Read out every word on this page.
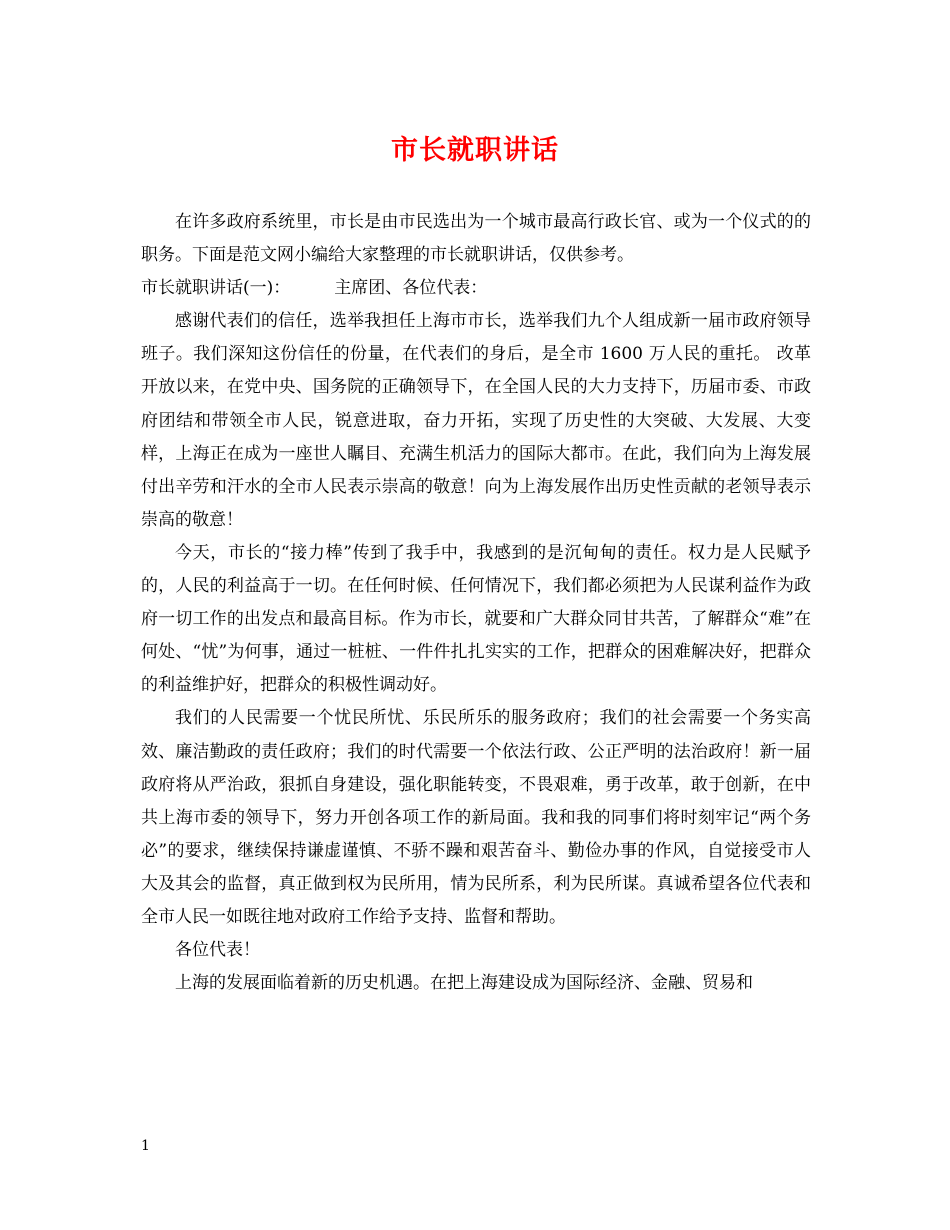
市长就职讲话

在许多政府系统里，市长是由市民选出为一个城市最高行政长官、或为一个仪式的的职务。下面是范文网小编给大家整理的市长就职讲话，仅供参考。

市长就职讲话(一)：	主席团、各位代表：

感谢代表们的信任，选举我担任上海市市长，选举我们九个人组成新一届市政府领导班子。我们深知这份信任的份量，在代表们的身后，是全市 1600 万人民的重托。 改革开放以来，在党中央、国务院的正确领导下，在全国人民的大力支持下，历届市委、市政府团结和带领全市人民，锐意进取，奋力开拓，实现了历史性的大突破、大发展、大变样，上海正在成为一座世人瞩目、充满生机活力的国际大都市。在此，我们向为上海发展付出辛劳和汗水的全市人民表示崇高的敬意！向为上海发展作出历史性贡献的老领导表示崇高的敬意！

今天，市长的“接力棒”传到了我手中，我感到的是沉甸甸的责任。权力是人民赋予的，人民的利益高于一切。在任何时候、任何情况下，我们都必须把为人民谋利益作为政府一切工作的出发点和最高目标。作为市长，就要和广大群众同甘共苦，了解群众“难”在何处、“忧”为何事，通过一桩桩、一件件扎扎实实的工作，把群众的困难解决好，把群众的利益维护好，把群众的积极性调动好。

我们的人民需要一个忧民所忧、乐民所乐的服务政府；我们的社会需要一个务实高效、廉洁勤政的责任政府；我们的时代需要一个依法行政、公正严明的法治政府！新一届政府将从严治政，狠抓自身建设，强化职能转变，不畏艰难，勇于改革，敢于创新，在中共上海市委的领导下，努力开创各项工作的新局面。我和我的同事们将时刻牢记“两个务必”的要求，继续保持谦虚谨慎、不骄不躁和艰苦奋斗、勤俭办事的作风，自觉接受市人大及其会的监督，真正做到权为民所用，情为民所系，利为民所谋。真诚希望各位代表和全市人民一如既往地对政府工作给予支持、监督和帮助。

各位代表！

上海的发展面临着新的历史机遇。在把上海建设成为国际经济、金融、贸易和

1
